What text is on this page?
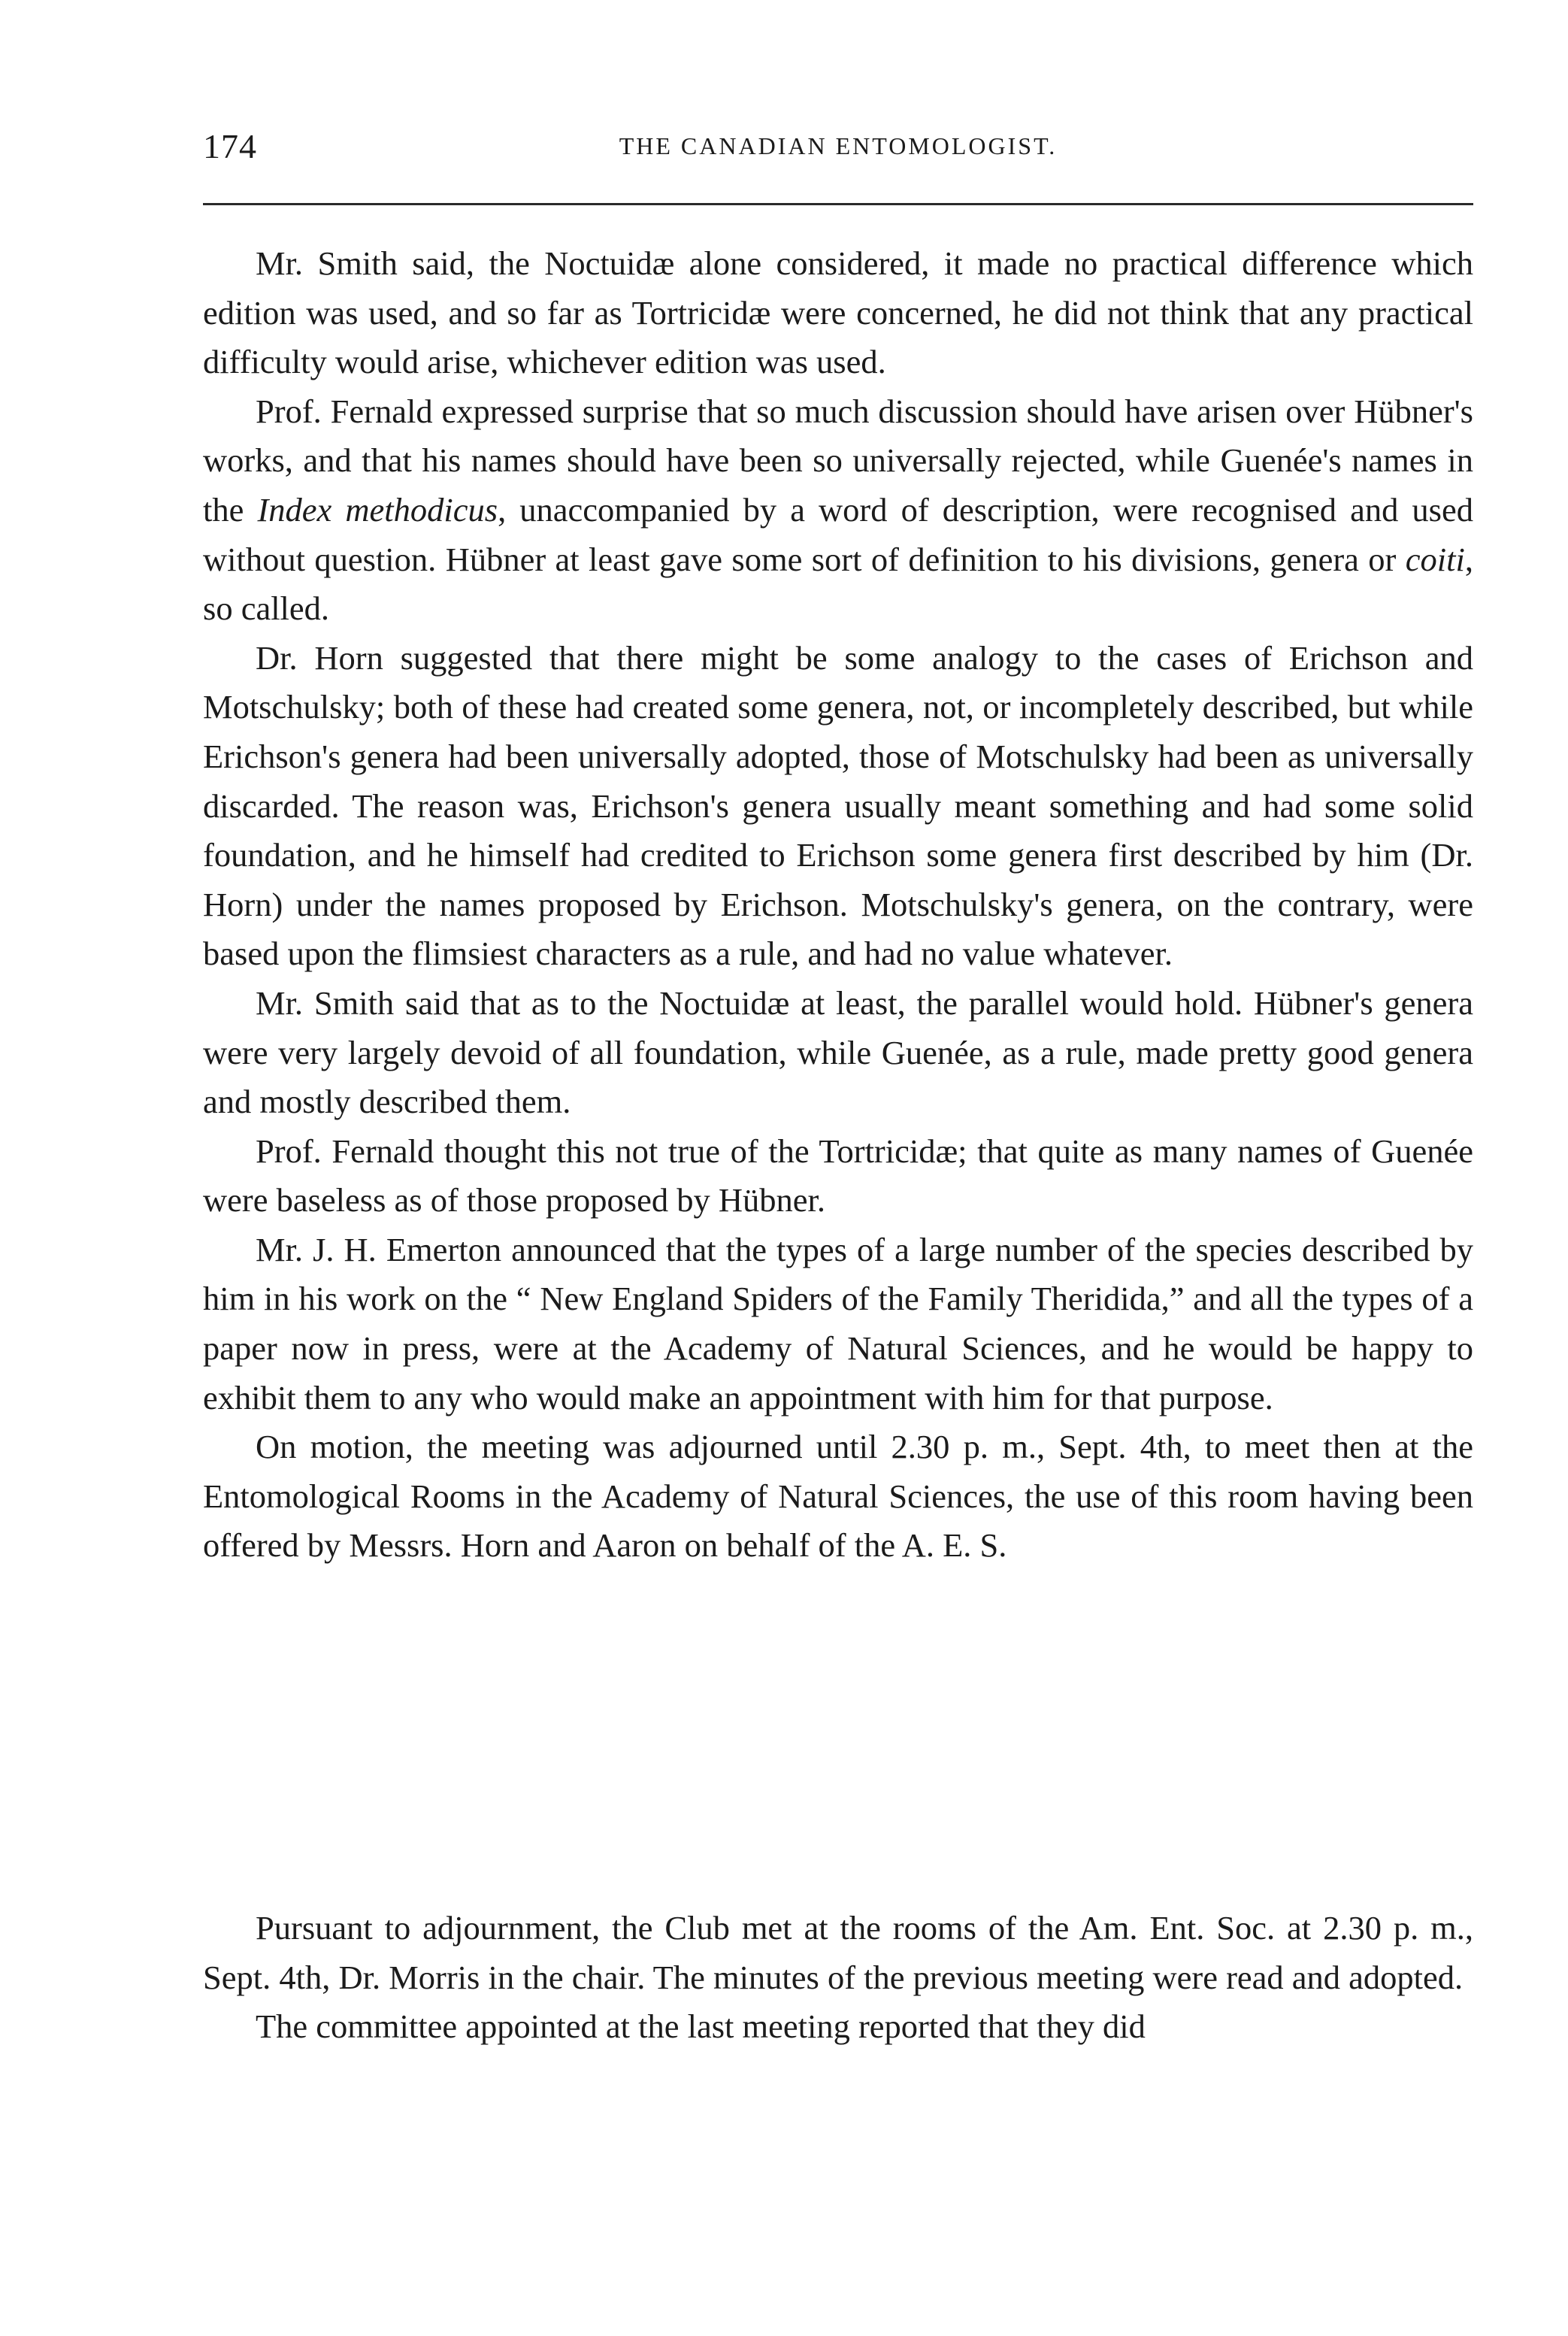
174	THE CANADIAN ENTOMOLOGIST.

Mr. Smith said, the Noctuidæ alone considered, it made no practical difference which edition was used, and so far as Tortricidæ were concerned, he did not think that any practical difficulty would arise, whichever edition was used.

Prof. Fernald expressed surprise that so much discussion should have arisen over Hübner's works, and that his names should have been so universally rejected, while Guenée's names in the Index methodicus, unaccompanied by a word of description, were recognised and used without question. Hübner at least gave some sort of definition to his divisions, genera or coiti, so called.

Dr. Horn suggested that there might be some analogy to the cases of Erichson and Motschulsky; both of these had created some genera, not, or incompletely described, but while Erichson's genera had been universally adopted, those of Motschulsky had been as universally discarded. The reason was, Erichson's genera usually meant something and had some solid foundation, and he himself had credited to Erichson some genera first described by him (Dr. Horn) under the names proposed by Erichson. Motschulsky's genera, on the contrary, were based upon the flimsiest characters as a rule, and had no value whatever.

Mr. Smith said that as to the Noctuidæ at least, the parallel would hold. Hübner's genera were very largely devoid of all foundation, while Guenée, as a rule, made pretty good genera and mostly described them.

Prof. Fernald thought this not true of the Tortricidæ; that quite as many names of Guenée were baseless as of those proposed by Hübner.

Mr. J. H. Emerton announced that the types of a large number of the species described by him in his work on the “ New England Spiders of the Family Theridida,” and all the types of a paper now in press, were at the Academy of Natural Sciences, and he would be happy to exhibit them to any who would make an appointment with him for that purpose.

On motion, the meeting was adjourned until 2.30 p. m., Sept. 4th, to meet then at the Entomological Rooms in the Academy of Natural Sciences, the use of this room having been offered by Messrs. Horn and Aaron on behalf of the A. E. S.

Pursuant to adjournment, the Club met at the rooms of the Am. Ent. Soc. at 2.30 p. m., Sept. 4th, Dr. Morris in the chair. The minutes of the previous meeting were read and adopted.

The committee appointed at the last meeting reported that they did
